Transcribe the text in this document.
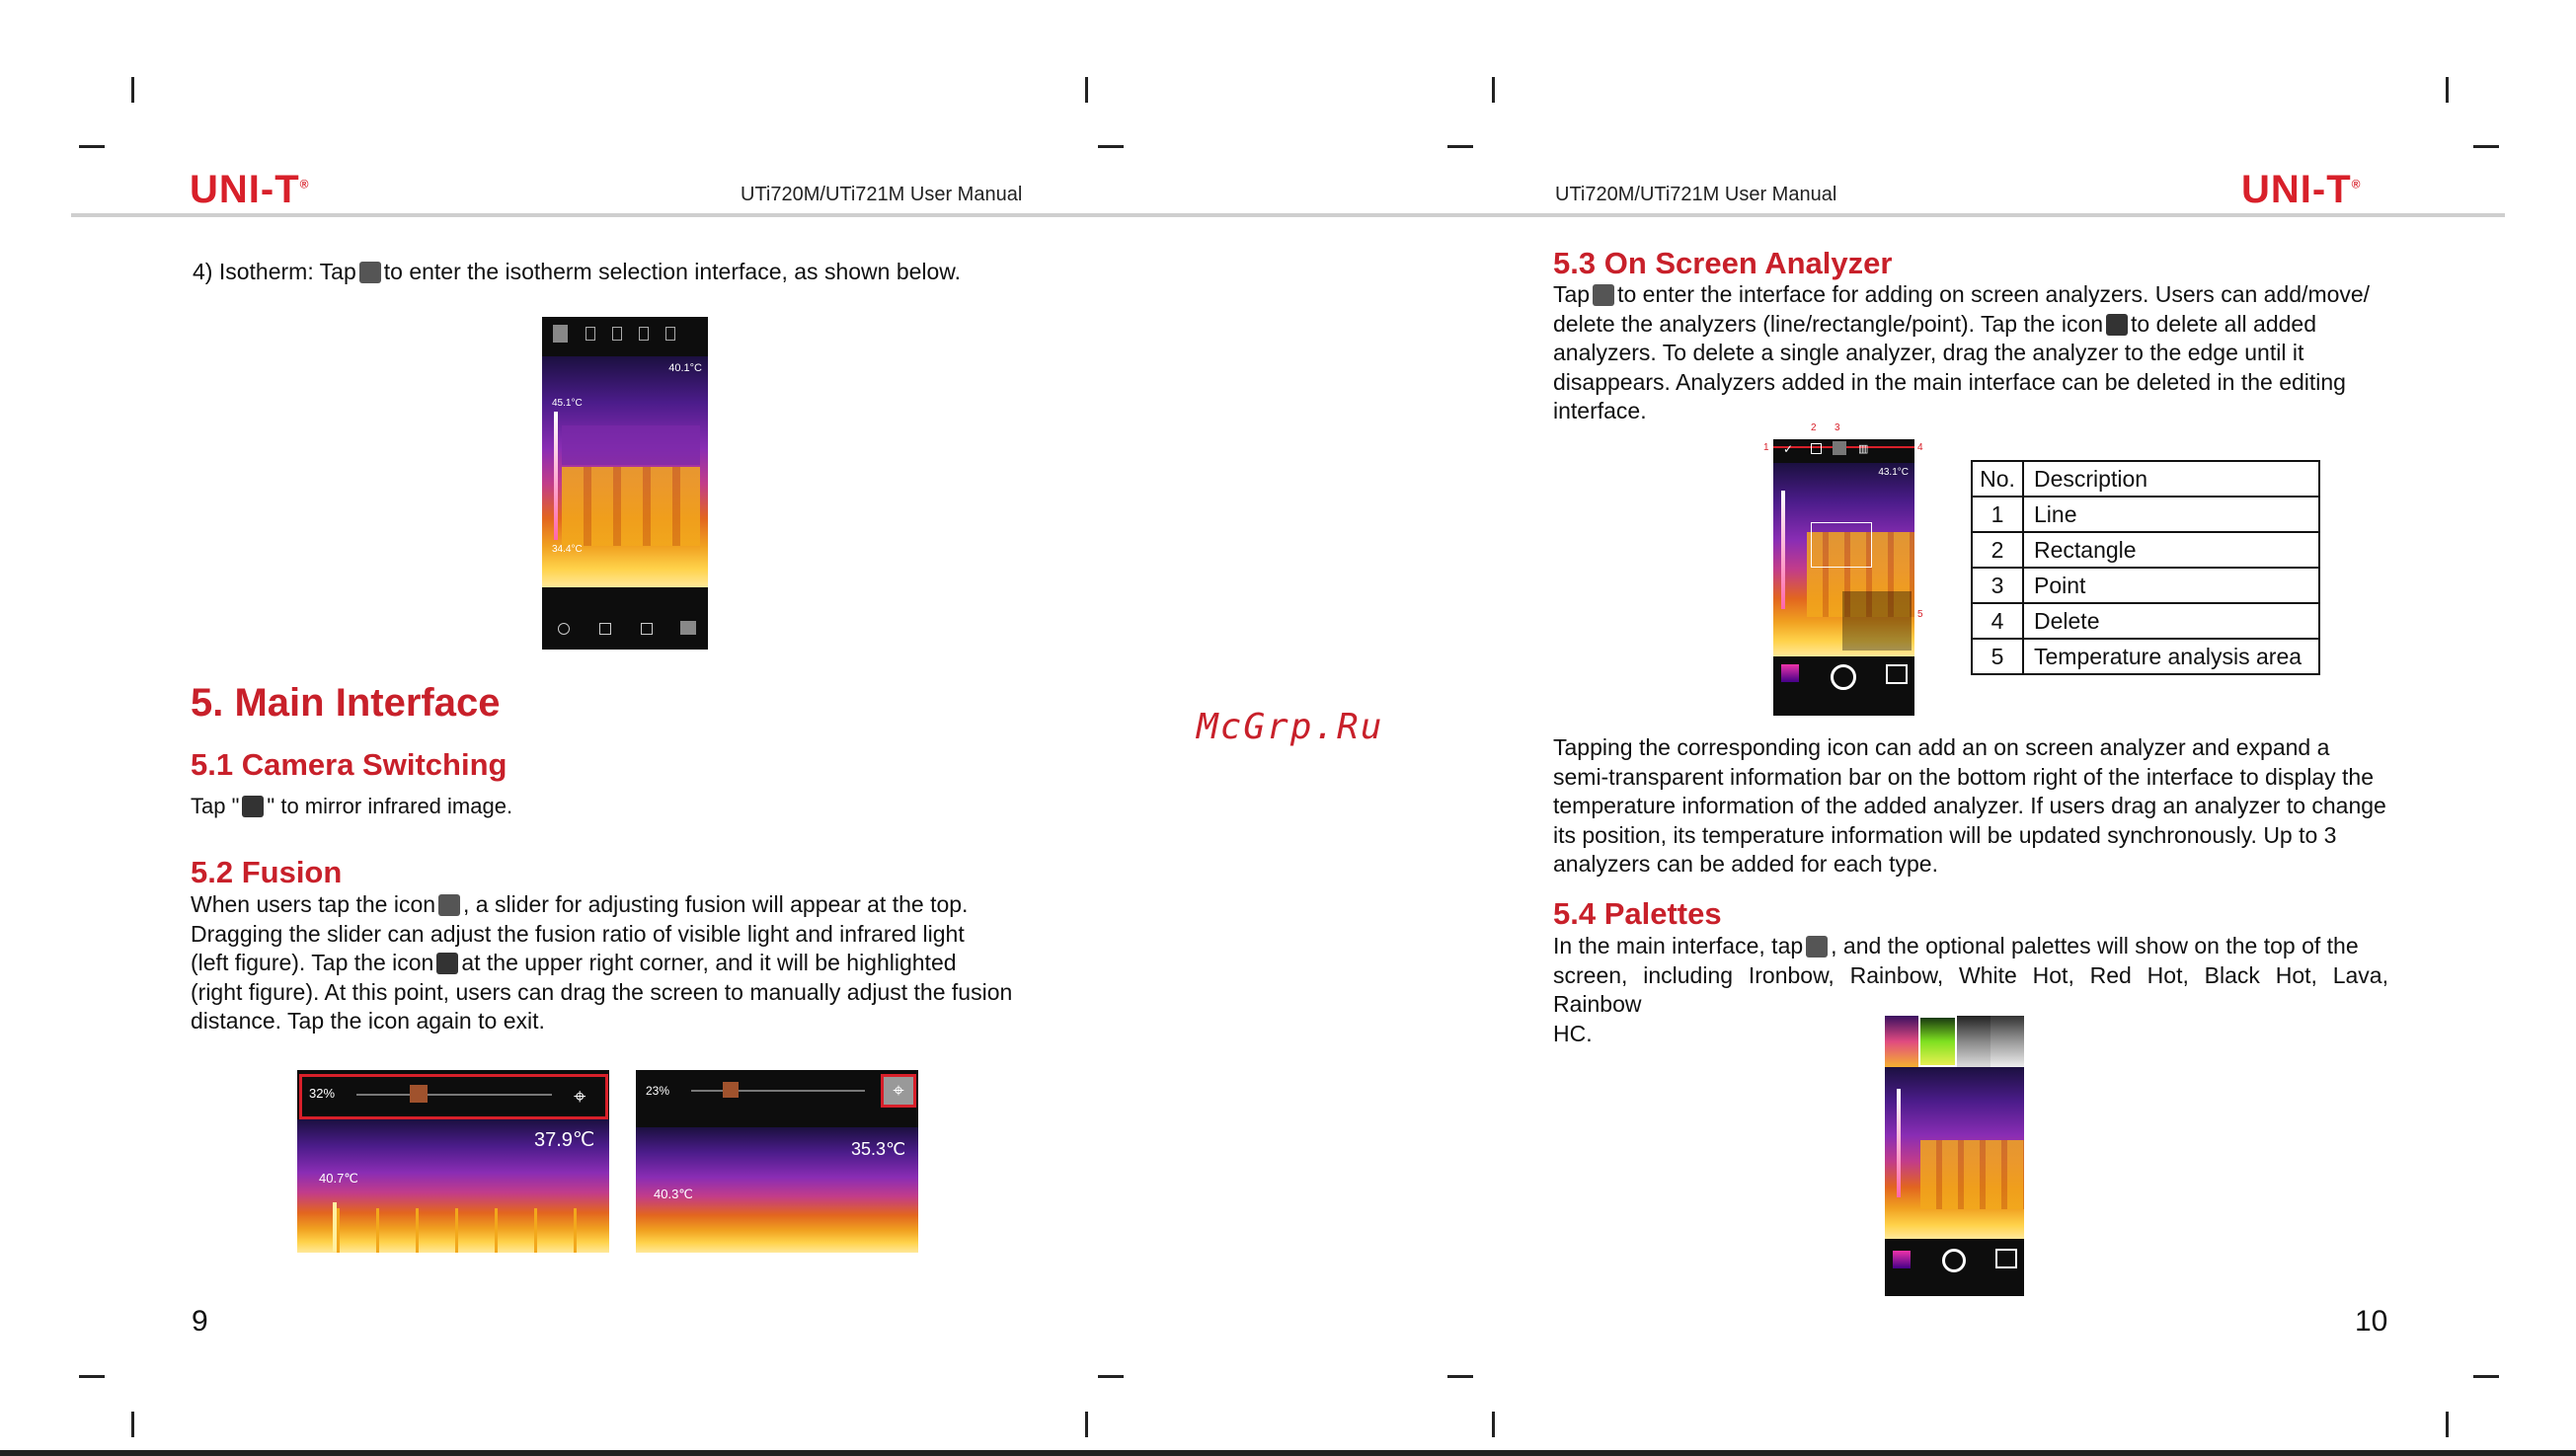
UNI-T®	UTi720M/UTi721M User Manual	UTi720M/UTi721M User Manual	UNI-T®
4) Isotherm: Tap to enter the isotherm selection interface, as shown below.
40.1°C
45.1°C
34.4°C
5. Main Interface
5.1 Camera Switching
Tap " " to mirror infrared image.
5.2 Fusion
When users tap the icon , a slider for adjusting fusion will appear at the top.
Dragging the slider can adjust the fusion ratio of visible light and infrared light
(left figure). Tap the icon at the upper right corner, and it will be highlighted
(right figure). At this point, users can drag the screen to manually adjust the fusion
distance. Tap the icon again to exit.
32%	⌖
37.9℃
40.7℃
23%	⌖
35.3℃
40.3℃
McGrp.Ru
9	10
5.3 On Screen Analyzer
Tap to enter the interface for adding on screen analyzers. Users can add/move/
delete the analyzers (line/rectangle/point). Tap the icon to delete all added
analyzers. To delete a single analyzer, drag the analyzer to the edge until it
disappears. Analyzers added in the main interface can be deleted in the editing
interface.
✓	▥
43.1°C
1
2 3
4
5
No.	Description
1	Line
2	Rectangle
3	Point
4	Delete
5	Temperature analysis area
Tapping the corresponding icon can add an on screen analyzer and expand a
semi-transparent information bar on the bottom right of the interface to display the
temperature information of the added analyzer. If users drag an analyzer to change
its position, its temperature information will be updated synchronously. Up to 3
analyzers can be added for each type.
5.4 Palettes
In the main interface, tap , and the optional palettes will show on the top of the
screen, including Ironbow, Rainbow, White Hot, Red Hot, Black Hot, Lava, Rainbow
HC.
